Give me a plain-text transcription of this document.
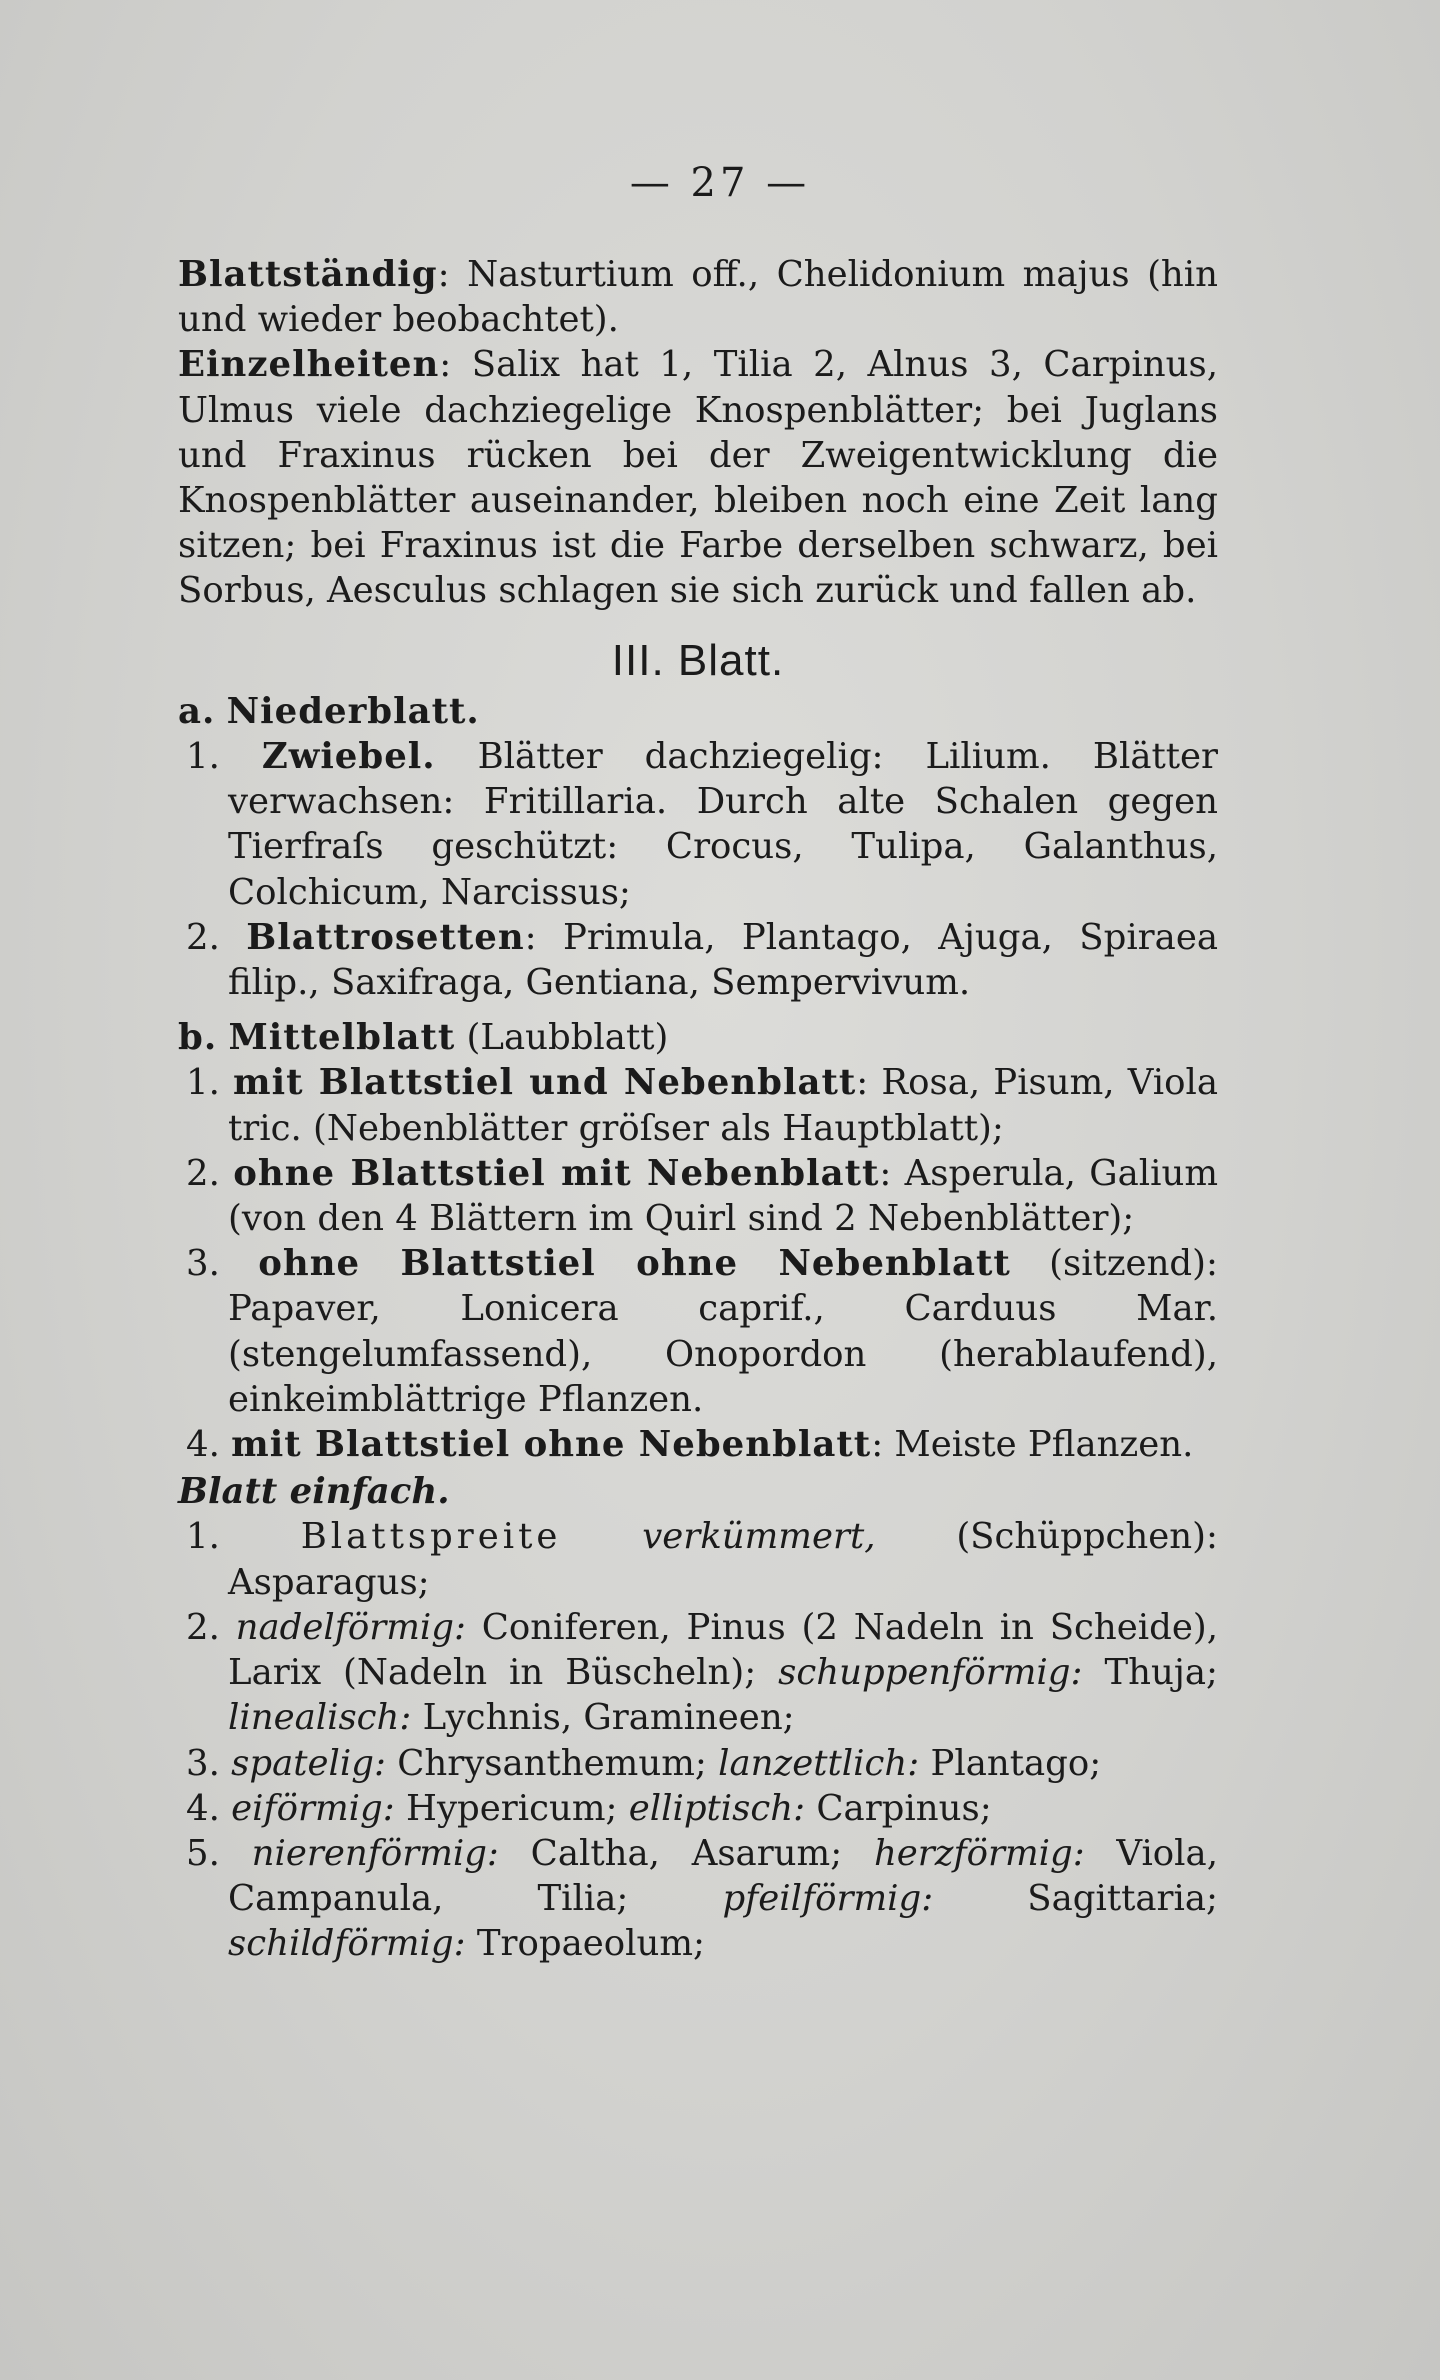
— 27 —

Blattständig: Nasturtium off., Chelidonium majus (hin und wieder beobachtet).

Einzelheiten: Salix hat 1, Tilia 2, Alnus 3, Carpinus, Ulmus viele dachziegelige Knospenblätter; bei Juglans und Fraxinus rücken bei der Zweigentwicklung die Knospenblätter auseinander, bleiben noch eine Zeit lang sitzen; bei Fraxinus ist die Farbe derselben schwarz, bei Sorbus, Aesculus schlagen sie sich zurück und fallen ab.

III. Blatt.

a. Niederblatt.

1. Zwiebel. Blätter dachziegelig: Lilium. Blätter verwachsen: Fritillaria. Durch alte Schalen gegen Tierfraſs geschützt: Crocus, Tulipa, Galanthus, Colchicum, Narcissus;

2. Blattrosetten: Primula, Plantago, Ajuga, Spiraea filip., Saxifraga, Gentiana, Sempervivum.

b. Mittelblatt (Laubblatt)

1. mit Blattstiel und Nebenblatt: Rosa, Pisum, Viola tric. (Nebenblätter gröſser als Hauptblatt);

2. ohne Blattstiel mit Nebenblatt: Asperula, Galium (von den 4 Blättern im Quirl sind 2 Nebenblätter);

3. ohne Blattstiel ohne Nebenblatt (sitzend): Papaver, Lonicera caprif., Carduus Mar. (stengelumfassend), Onopordon (herablaufend), einkeimblättrige Pflanzen.

4. mit Blattstiel ohne Nebenblatt: Meiste Pflanzen.

Blatt einfach.

1. Blattspreite verkümmert, (Schüppchen): Asparagus;

2. nadelförmig: Coniferen, Pinus (2 Nadeln in Scheide), Larix (Nadeln in Büscheln); schuppenförmig: Thuja; linealisch: Lychnis, Gramineen;

3. spatelig: Chrysanthemum; lanzettlich: Plantago;

4. eiförmig: Hypericum; elliptisch: Carpinus;

5. nierenförmig: Caltha, Asarum; herzförmig: Viola, Campanula, Tilia;	pfeilförmig: Sagittaria; schildförmig: Tropaeolum;
